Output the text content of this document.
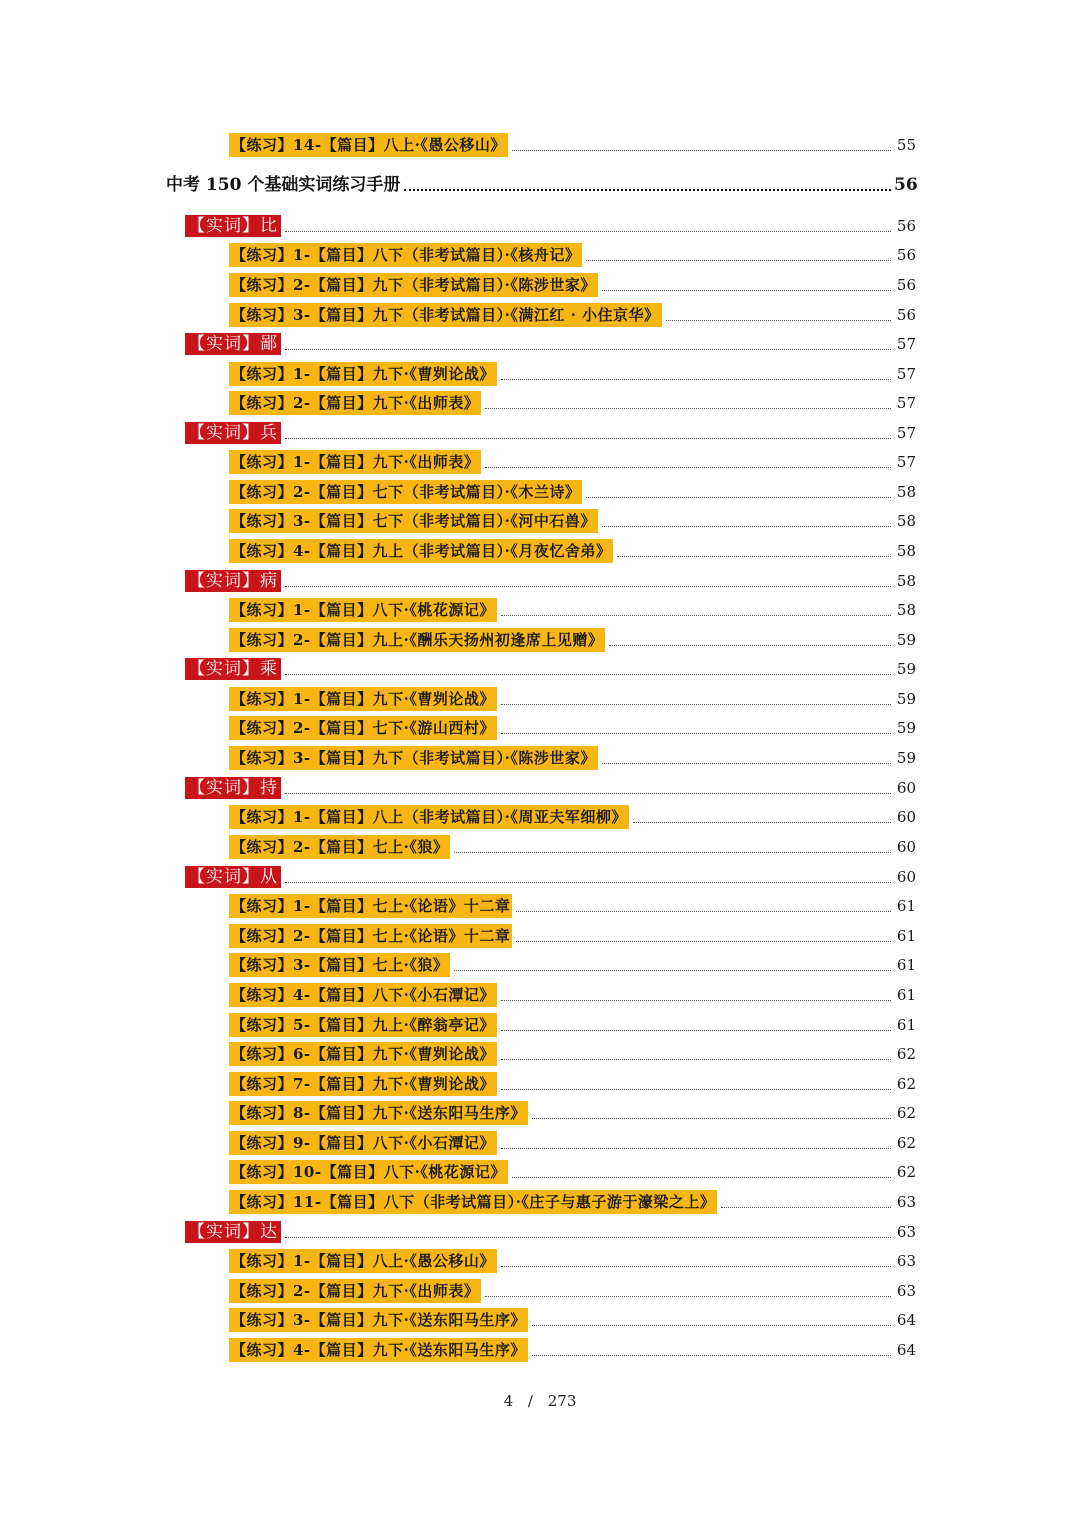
【练习】14-【篇目】八上·《愚公移山》	55
中考 150 个基础实词练习手册	56
【实词】比	56
【练习】1-【篇目】八下（非考试篇目）·《核舟记》	56
【练习】2-【篇目】九下（非考试篇目）·《陈涉世家》	56
【练习】3-【篇目】九下（非考试篇目）·《满江红 · 小住京华》	56
【实词】鄙	57
【练习】1-【篇目】九下·《曹刿论战》	57
【练习】2-【篇目】九下·《出师表》	57
【实词】兵	57
【练习】1-【篇目】九下·《出师表》	57
【练习】2-【篇目】七下（非考试篇目）·《木兰诗》	58
【练习】3-【篇目】七下（非考试篇目）·《河中石兽》	58
【练习】4-【篇目】九上（非考试篇目）·《月夜忆舍弟》	58
【实词】病	58
【练习】1-【篇目】八下·《桃花源记》	58
【练习】2-【篇目】九上·《酬乐天扬州初逢席上见赠》	59
【实词】乘	59
【练习】1-【篇目】九下·《曹刿论战》	59
【练习】2-【篇目】七下·《游山西村》	59
【练习】3-【篇目】九下（非考试篇目）·《陈涉世家》	59
【实词】持	60
【练习】1-【篇目】八上（非考试篇目）·《周亚夫军细柳》	60
【练习】2-【篇目】七上·《狼》	60
【实词】从	60
【练习】1-【篇目】七上·《论语》十二章	61
【练习】2-【篇目】七上·《论语》十二章	61
【练习】3-【篇目】七上·《狼》	61
【练习】4-【篇目】八下·《小石潭记》	61
【练习】5-【篇目】九上·《醉翁亭记》	61
【练习】6-【篇目】九下·《曹刿论战》	62
【练习】7-【篇目】九下·《曹刿论战》	62
【练习】8-【篇目】九下·《送东阳马生序》	62
【练习】9-【篇目】八下·《小石潭记》	62
【练习】10-【篇目】八下·《桃花源记》	62
【练习】11-【篇目】八下（非考试篇目）·《庄子与惠子游于濠梁之上》	63
【实词】达	63
【练习】1-【篇目】八上·《愚公移山》	63
【练习】2-【篇目】九下·《出师表》	63
【练习】3-【篇目】九下·《送东阳马生序》	64
【练习】4-【篇目】九下·《送东阳马生序》	64
4 / 273
